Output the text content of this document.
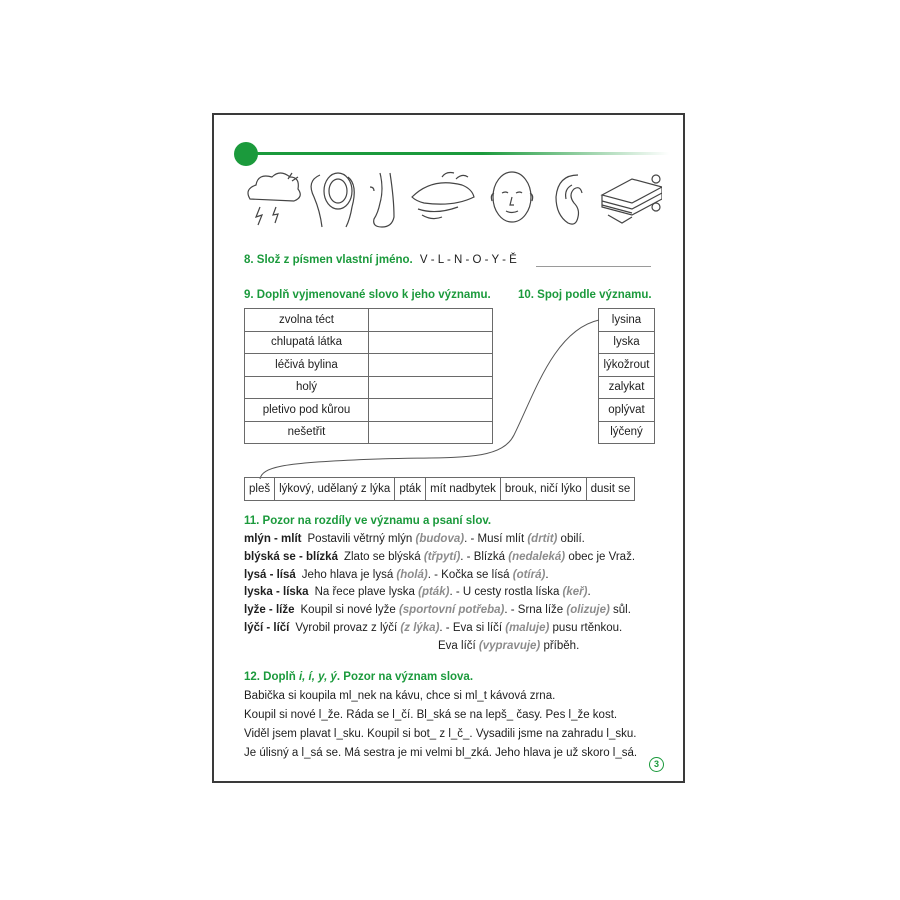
8. Slož z písmen vlastní jméno. V - L - N - O - Y - Ě
9. Doplň vyjmenované slovo k jeho významu. 10. Spoj podle významu.
zvolna téct	
chlupatá látka	
léčivá bylina	
holý	
pletivo pod kůrou	
nešetřit	
lysina
lyska
lýkožrout
zalykat
oplývat
lýčený
pleš	lýkový, udělaný z lýka	pták	mít nadbytek	brouk, ničí lýko	dusit se
11. Pozor na rozdíly ve významu a psaní slov.
mlýn - mlít Postavili větrný mlýn (budova). - Musí mlít (drtit) obilí.
blýská se - blízká Zlato se blýská (třpytí). - Blízká (nedaleká) obec je Vraž.
lysá - lísá Jeho hlava je lysá (holá). - Kočka se lísá (otírá).
lyska - líska Na řece plave lyska (pták). - U cesty rostla líska (keř).
lyže - líže Koupil si nové lyže (sportovní potřeba). - Srna líže (olizuje) sůl.
lýčí - líčí Vyrobil provaz z lýčí (z lýka). - Eva si líčí (maluje) pusu rtěnkou.
Eva líčí (vypravuje) příběh.
12. Doplň i, í, y, ý. Pozor na význam slova.
Babička si koupila ml_nek na kávu, chce si ml_t kávová zrna.
Koupil si nové l_že. Ráda se l_čí. Bl_ská se na lepš_ časy. Pes l_že kost.
Viděl jsem plavat l_sku. Koupil si bot_ z l_č_. Vysadili jsme na zahradu l_sku.
Je úlisný a l_sá se. Má sestra je mi velmi bl_zká. Jeho hlava je už skoro l_sá.
3
